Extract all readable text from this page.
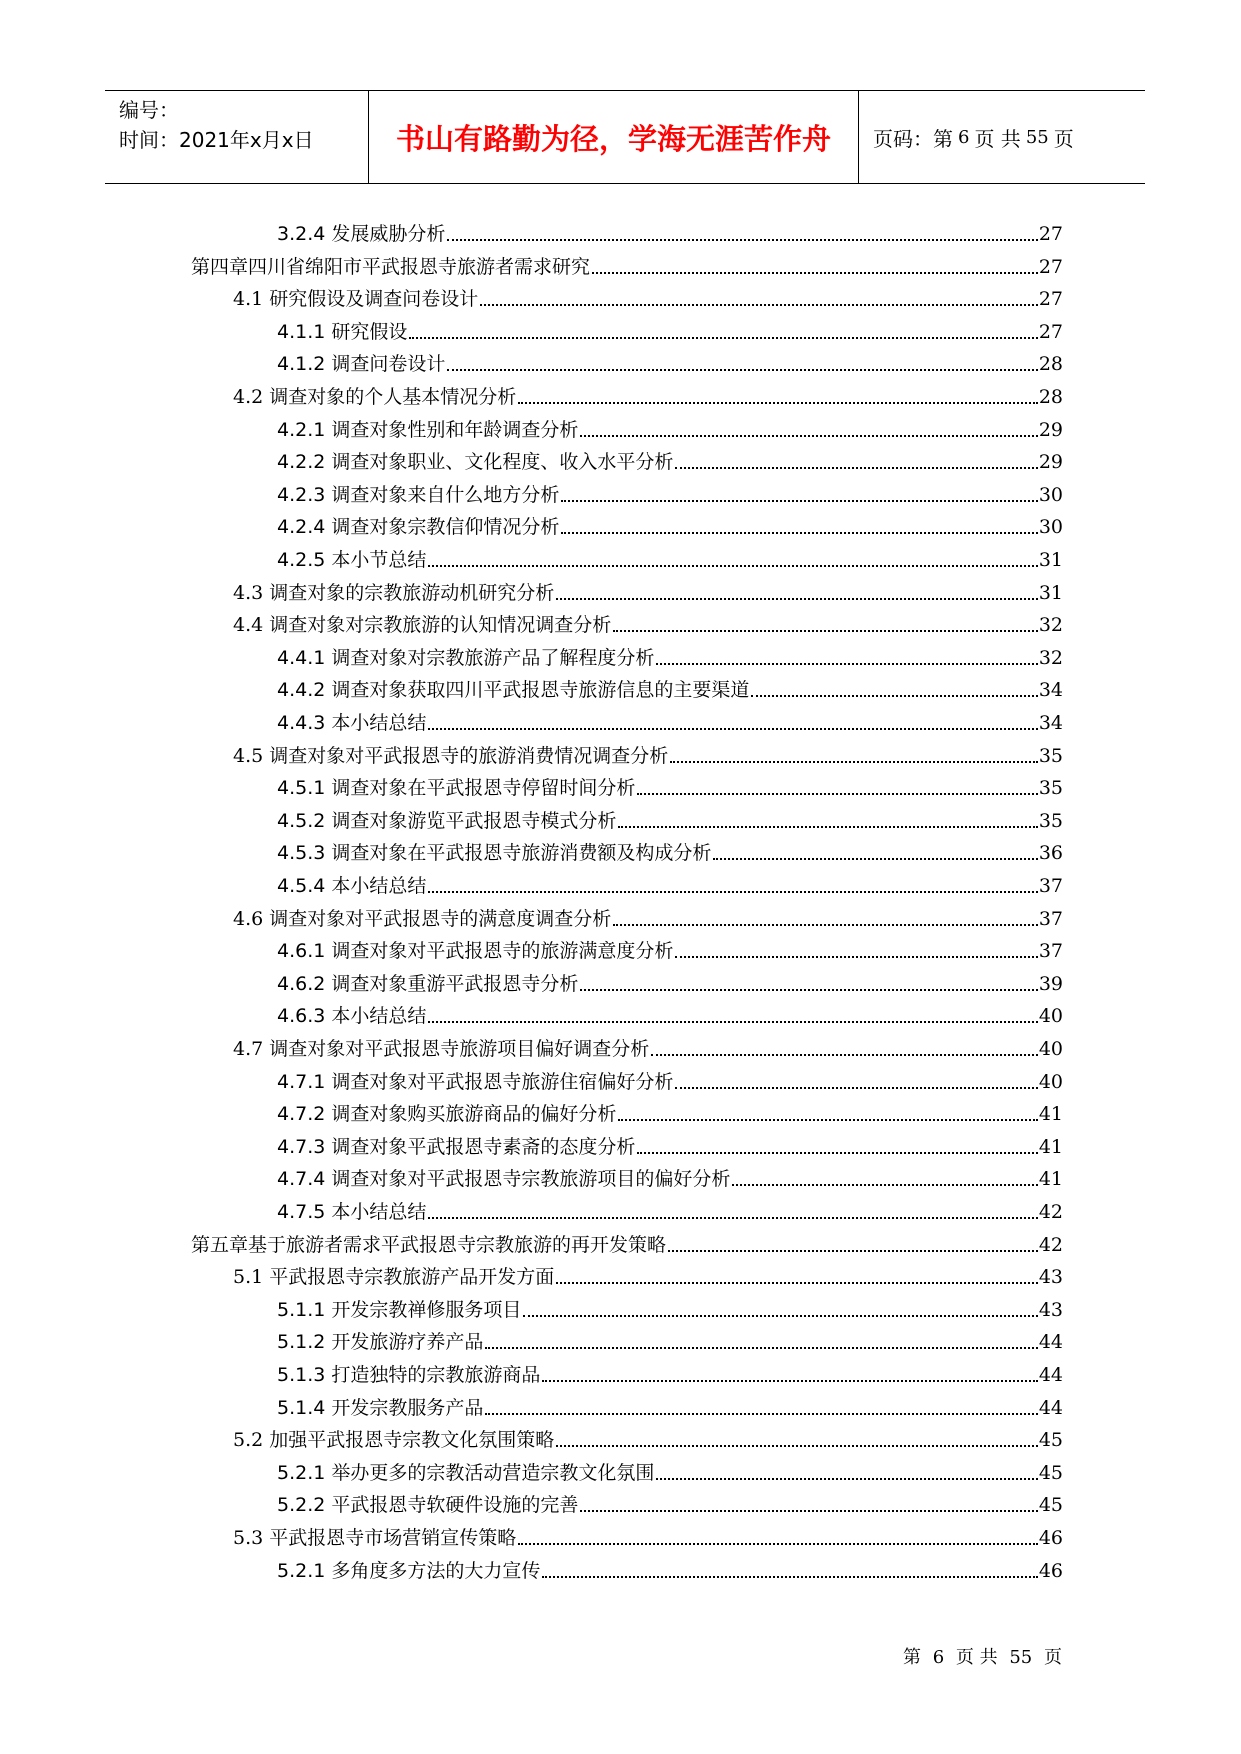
编号：
时间：2021年x月x日	书山有路勤为径，学海无涯苦作舟	页码：第 6 页 共 55 页
3.2.4 发展威胁分析	27
第四章四川省绵阳市平武报恩寺旅游者需求研究	27
4.1 研究假设及调查问卷设计	27
4.1.1 研究假设	27
4.1.2 调查问卷设计	28
4.2 调查对象的个人基本情况分析	28
4.2.1 调查对象性别和年龄调查分析	29
4.2.2 调查对象职业、文化程度、收入水平分析	29
4.2.3 调查对象来自什么地方分析	30
4.2.4 调查对象宗教信仰情况分析	30
4.2.5 本小节总结	31
4.3 调查对象的宗教旅游动机研究分析	31
4.4 调查对象对宗教旅游的认知情况调查分析	32
4.4.1 调查对象对宗教旅游产品了解程度分析	32
4.4.2 调查对象获取四川平武报恩寺旅游信息的主要渠道	34
4.4.3 本小结总结	34
4.5 调查对象对平武报恩寺的旅游消费情况调查分析	35
4.5.1 调查对象在平武报恩寺停留时间分析	35
4.5.2 调查对象游览平武报恩寺模式分析	35
4.5.3 调查对象在平武报恩寺旅游消费额及构成分析	36
4.5.4 本小结总结	37
4.6 调查对象对平武报恩寺的满意度调查分析	37
4.6.1 调查对象对平武报恩寺的旅游满意度分析	37
4.6.2 调查对象重游平武报恩寺分析	39
4.6.3 本小结总结	40
4.7 调查对象对平武报恩寺旅游项目偏好调查分析	40
4.7.1 调查对象对平武报恩寺旅游住宿偏好分析	40
4.7.2 调查对象购买旅游商品的偏好分析	41
4.7.3 调查对象平武报恩寺素斋的态度分析	41
4.7.4 调查对象对平武报恩寺宗教旅游项目的偏好分析	41
4.7.5 本小结总结	42
第五章基于旅游者需求平武报恩寺宗教旅游的再开发策略	42
5.1 平武报恩寺宗教旅游产品开发方面	43
5.1.1 开发宗教禅修服务项目	43
5.1.2 开发旅游疗养产品	44
5.1.3 打造独特的宗教旅游商品	44
5.1.4 开发宗教服务产品	44
5.2 加强平武报恩寺宗教文化氛围策略	45
5.2.1 举办更多的宗教活动营造宗教文化氛围	45
5.2.2 平武报恩寺软硬件设施的完善	45
5.3 平武报恩寺市场营销宣传策略	46
5.2.1 多角度多方法的大力宣传	46
第 6 页 共 55 页
